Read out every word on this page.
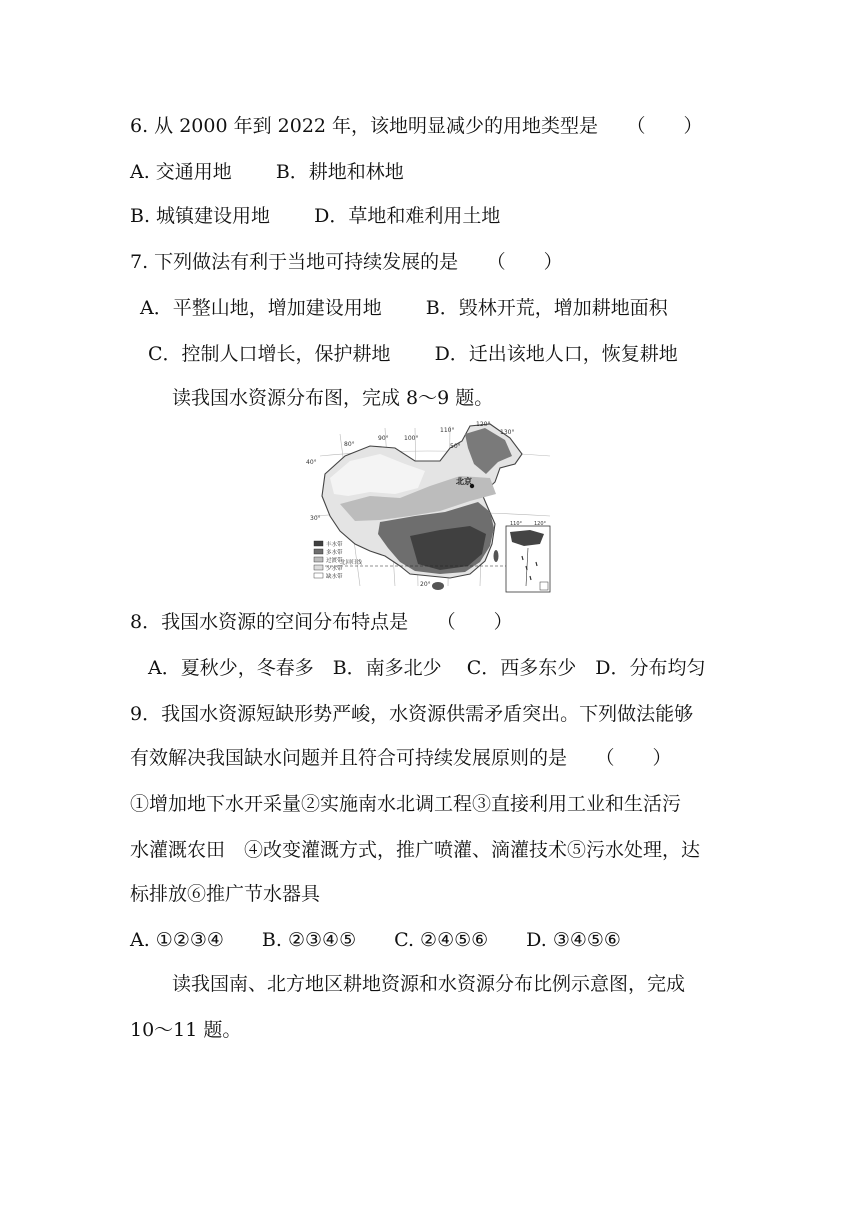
6. 从 2000 年到 2022 年，该地明显减少的用地类型是　　（　　）
A. 交通用地　　 B．耕地和林地
B. 城镇建设用地　　 D．草地和难利用土地
7. 下列做法有利于当地可持续发展的是　　（　　）
A．平整山地，增加建设用地　　 B．毁林开荒，增加耕地面积
C．控制人口增长，保护耕地　　 D．迁出该地人口，恢复耕地
读我国水资源分布图，完成 8～9 题。
40°
80°
90°	100°
110°
120°
130°
50°
30°
20°
北京
北回归线
丰水带
多水带
过渡带
少水带
缺水带
110° 120°
8．我国水资源的空间分布特点是　　（　　）
A．夏秋少，冬春多　B．南多北少　 C．西多东少　D．分布均匀
9．我国水资源短缺形势严峻，水资源供需矛盾突出。下列做法能够
有效解决我国缺水问题并且符合可持续发展原则的是　　（　　）
①增加地下水开采量②实施南水北调工程③直接利用工业和生活污
水灌溉农田　④改变灌溉方式，推广喷灌、滴灌技术⑤污水处理，达
标排放⑥推广节水器具
A. ①②③④　　B. ②③④⑤　　C. ②④⑤⑥　　D. ③④⑤⑥
读我国南、北方地区耕地资源和水资源分布比例示意图，完成
10～11 题。
